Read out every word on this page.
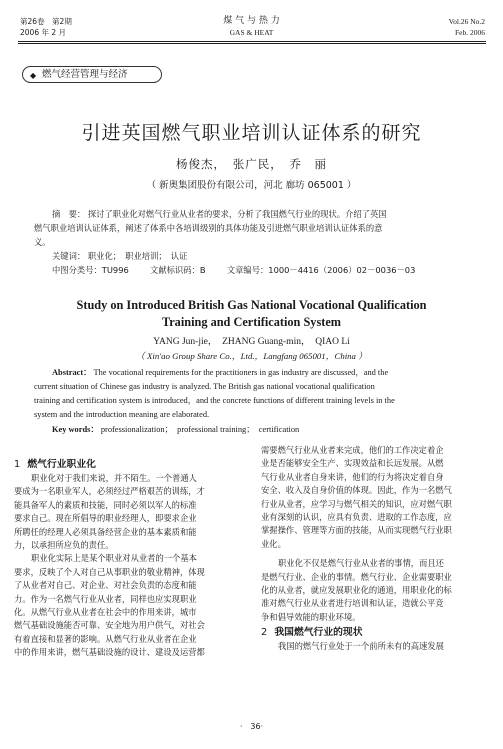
第26卷　第2期
2006 年 2 月
煤 气 与 热 力
GAS & HEAT
Vol.26 No.2
Feb. 2006
◆ 燃气经营管理与经济
引进英国燃气职业培训认证体系的研究
杨俊杰，　张广民，　乔　丽
（ 新奥集团股份有限公司，河北 廊坊 065001 ）
摘　要： 探讨了职业化对燃气行业从业者的要求，分析了我国燃气行业的现状。介绍了英国
燃气职业培训认证体系，阐述了体系中各培训级别的具体功能及引进燃气职业培训认证体系的意
义。
关键词： 职业化；　职业培训；　认证
中图分类号：TU996	文献标识码：B	文章编号：1000－4416（2006）02－0036－03
Study on Introduced British Gas National Vocational Qualification
Training and Certification System
YANG Jun-jie，　ZHANG Guang-min，　QIAO Li
（ Xin'ao Group Share Co.，Ltd.，Langfang 065001，China ）
Abstract： The vocational requirements for the practitioners in gas industry are discussed，and the
current situation of Chinese gas industry is analyzed. The British gas national vocational qualification
training and certification system is introduced，and the concrete functions of different training levels in the
system and the introduction meaning are elaborated.
Key words： professionalization；　professional training；　certification
1 燃气行业职业化
职业化对于我们来说，并不陌生。一个普通人
要成为一名职业军人，必须经过严格艰苦的训练，才
能具备军人的素质和技能，同时必须以军人的标准
要求自己。现在所倡导的职业经理人，即要求企业
所聘任的经理人必须具备经营企业的基本素质和能
力，以承担所应负的责任。
职业化实际上是某个职业对从业者的一个基本
要求，反映了个人对自己从事职业的敬业精神，体现
了从业者对自己、对企业、对社会负责的态度和能
力。作为一名燃气行业从业者，同样也应实现职业
化。从燃气行业从业者在社会中的作用来讲，城市
燃气基础设施能否可靠、安全地为用户供气，对社会
有着直接和显著的影响。从燃气行业从业者在企业
中的作用来讲，燃气基础设施的设计、建设及运营都
需要燃气行业从业者来完成，他们的工作决定着企
业是否能够安全生产、实现效益和长远发展。从燃
气行业从业者自身来讲，他们的行为将决定着自身
安全、收入及自身价值的体现。因此，作为一名燃气
行业从业者，应学习与燃气相关的知识，应对燃气职
业有深刻的认识，应具有负责、进取的工作态度，应
掌握操作、管理等方面的技能，从而实现燃气行业职
业化。
职业化不仅是燃气行业从业者的事情，而且还
是燃气行业、企业的事情。燃气行业、企业需要职业
化的从业者，就应发展职业化的通道，用职业化的标
准对燃气行业从业者进行培训和认证，造就公平竞
争和倡导效能的职业环境。
2 我国燃气行业的现状
我国的燃气行业处于一个前所未有的高速发展
·　36·
